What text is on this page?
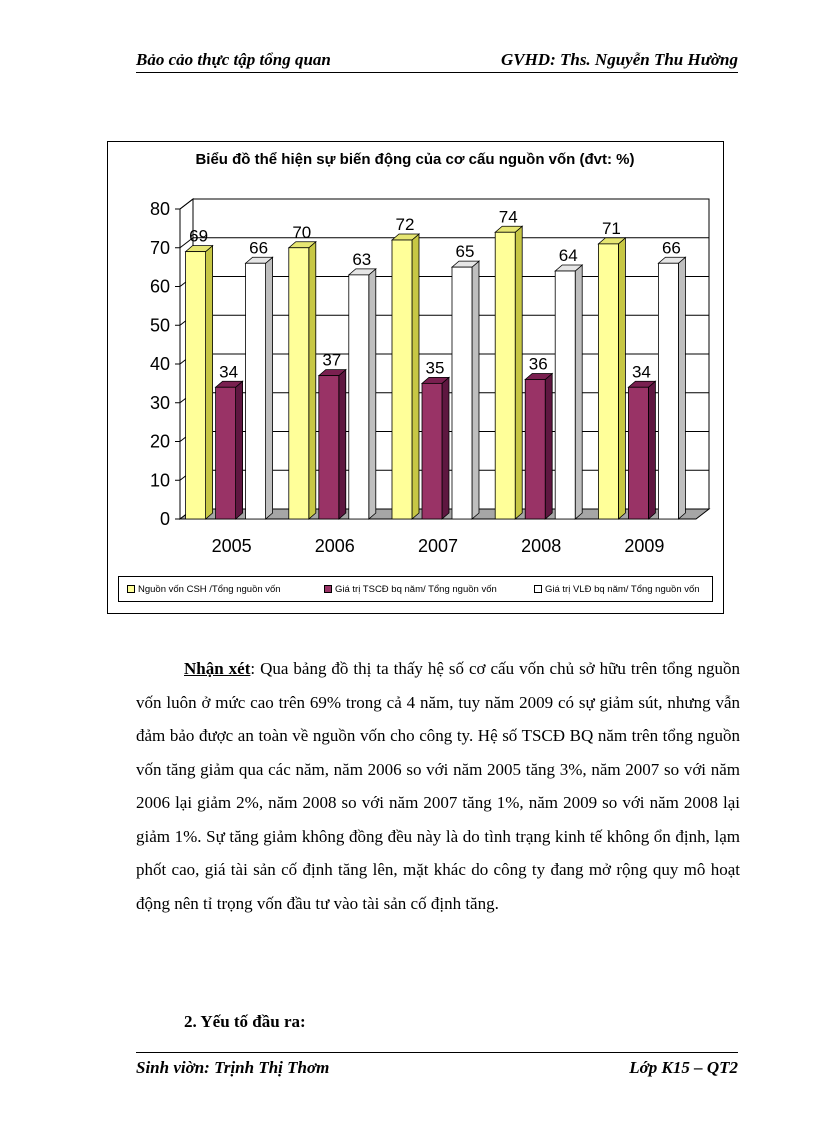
Bảo cảo thực tập tổng quan	GVHD: Ths. Nguyễn Thu Hường
Biểu đồ thể hiện sự biến động của cơ cấu nguồn vốn (đvt: %)
0
10
20
30
40
50
60
70
80
69
34
66
2005
70
37
63
2006
72
35
65
2007
74
36
64
2008
71
34
66
2009
Nguồn vốn CSH /Tổng nguồn vốn	Giá trị TSCĐ bq năm/ Tổng nguồn vốn	Giá trị VLĐ bq năm/ Tổng nguồn vốn
Nhận xét: Qua bảng đồ thị ta thấy hệ số cơ cấu vốn chủ sở hữu trên tổng nguồn vốn luôn ở mức cao trên 69% trong cả 4 năm, tuy năm 2009 có sự giảm sút, nhưng vẫn đảm bảo được an toàn về nguồn vốn cho công ty. Hệ số TSCĐ BQ năm trên tổng nguồn vốn tăng giảm qua các năm, năm 2006 so với năm 2005 tăng 3%, năm 2007 so với năm 2006 lại giảm 2%, năm 2008 so với năm 2007 tăng 1%, năm 2009 so với năm 2008 lại giảm 1%. Sự tăng giảm không đồng đều này là do tình trạng kinh tế không ổn định, lạm phốt cao, giá tài sản cố định tăng lên, mặt khác do công ty đang mở rộng quy mô hoạt động nên tỉ trọng vốn đầu tư vào tài sản cố định tăng.
2. Yếu tố đầu ra:
Sinh viờn: Trịnh Thị Thơm	Lớp K15 – QT2
